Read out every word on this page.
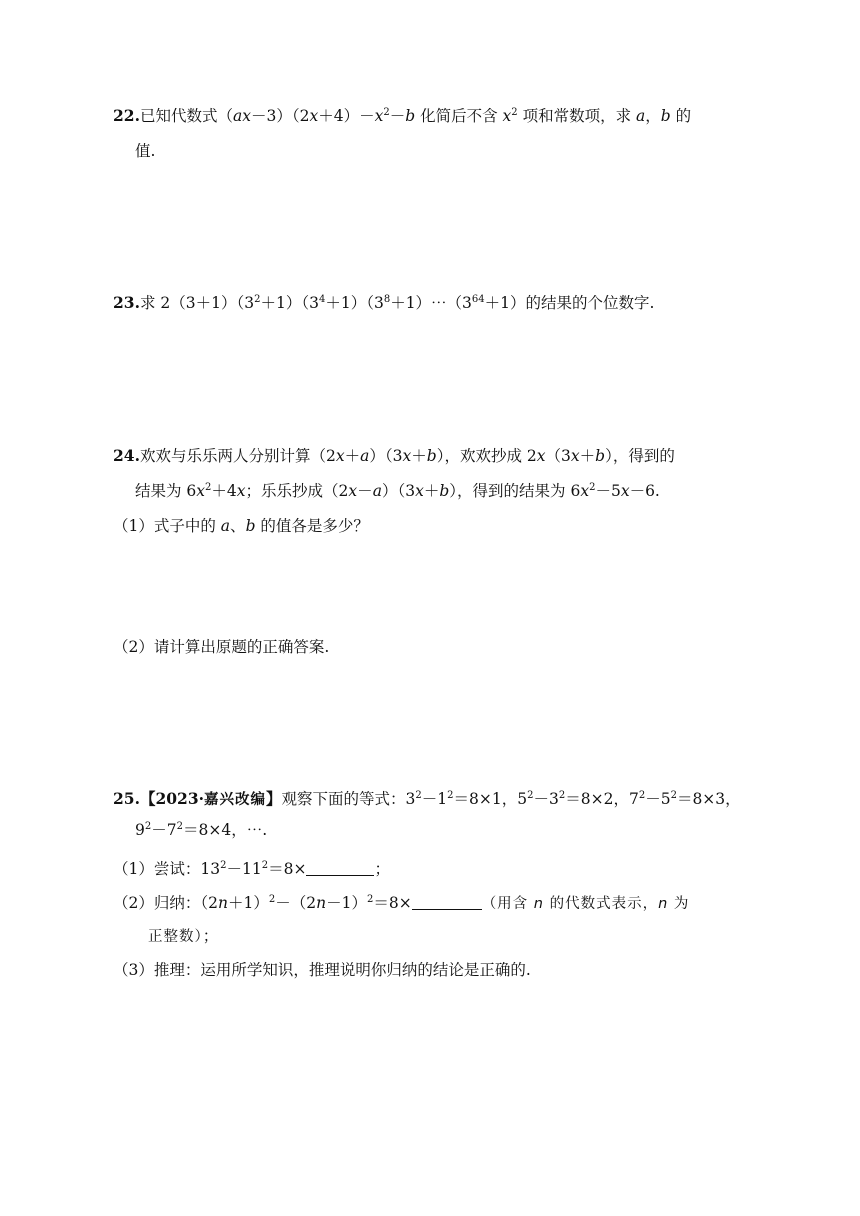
22.已知代数式$(ax-3)(2x+4)-x^2-b$ 化简后不含 $x^2$ 项和常数项，求 a，b 的
值.
23.求 $2(3+1)(3^2+1)(3^4+1)(3^8+1)\cdots(3^{64}+1)$的结果的个位数字.
24.欢欢与乐乐两人分别计算（2x＋a）（3x＋b），欢欢抄成 2x（3x＋b），得到的
结果为 $6x^2+4x$；乐乐抄成（2x－a）（3x＋b），得到的结果为 $6x^2-5x-6$.
（1）式子中的 a、b 的值各是多少？
（2）请计算出原题的正确答案.
25.【2023·嘉兴改编】观察下面的等式：$3^2-1^2=8\times 1$，$5^2-3^2=8\times 2$，$7^2-5^2=8\times 3$，
$9^2-7^2=8\times 4$，⋯.
（1）尝试：$13^2-11^2=8\times$	；
（2）归纳：$(2n+1)^2-(2n-1)^2=8\times$	（用含 n 的代数式表示，n 为
正整数）；
（3）推理：运用所学知识，推理说明你归纳的结论是正确的.
